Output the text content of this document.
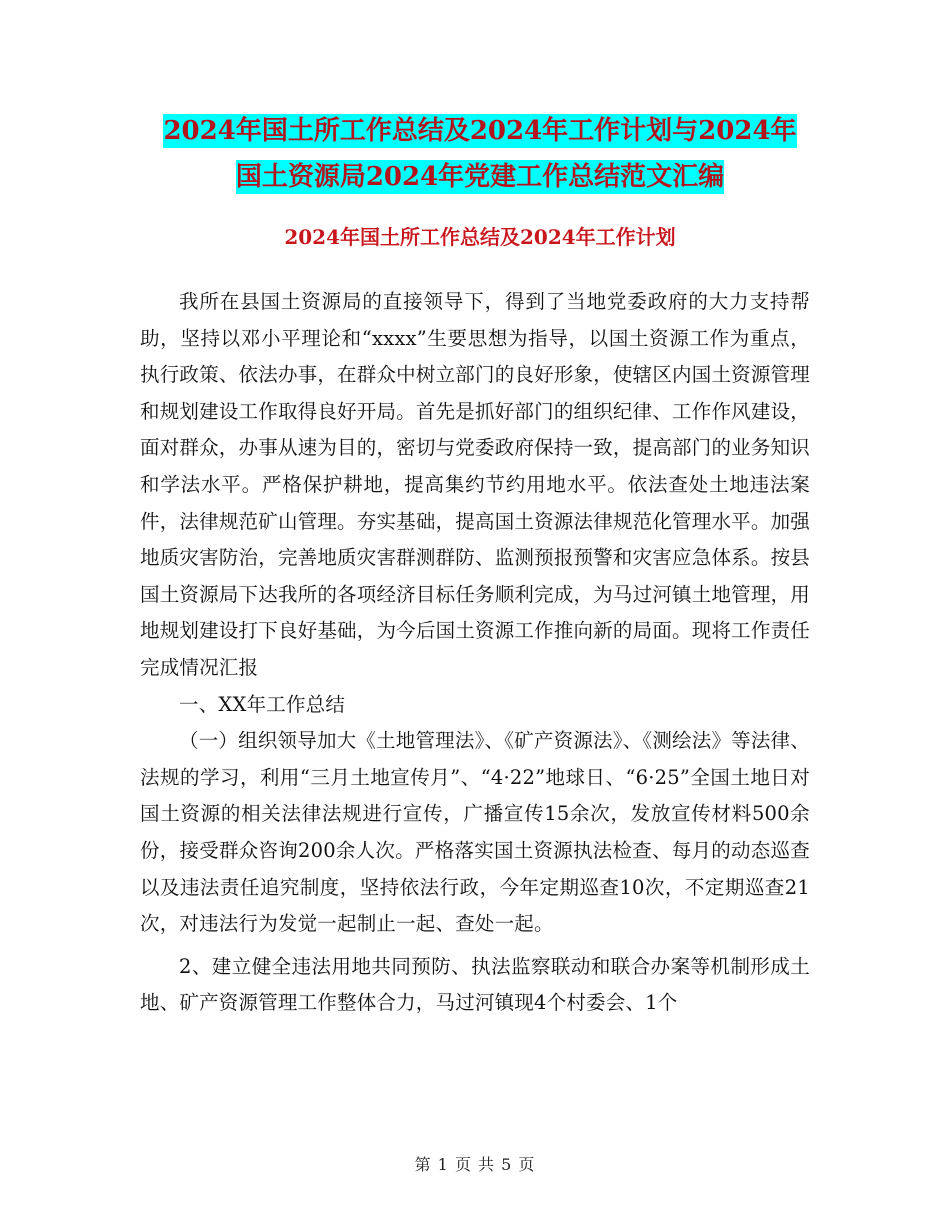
2024年国土所工作总结及2024年工作计划与2024年
国土资源局2024年党建工作总结范文汇编
2024年国土所工作总结及2024年工作计划

我所在县国土资源局的直接领导下，得到了当地党委政府的大力支持帮助，坚持以邓小平理论和“xxxx”生要思想为指导，以国土资源工作为重点，执行政策、依法办事，在群众中树立部门的良好形象，使辖区内国土资源管理和规划建设工作取得良好开局。首先是抓好部门的组织纪律、工作作风建设，面对群众，办事从速为目的，密切与党委政府保持一致，提高部门的业务知识和学法水平。严格保护耕地，提高集约节约用地水平。依法查处土地违法案件，法律规范矿山管理。夯实基础，提高国土资源法律规范化管理水平。加强地质灾害防治，完善地质灾害群测群防、监测预报预警和灾害应急体系。按县国土资源局下达我所的各项经济目标任务顺利完成，为马过河镇土地管理，用地规划建设打下良好基础，为今后国土资源工作推向新的局面。现将工作责任完成情况汇报

一、XX年工作总结

（一）组织领导加大《土地管理法》、《矿产资源法》、《测绘法》等法律、法规的学习，利用“三月土地宣传月”、“4·22”地球日、“6·25”全国土地日对国土资源的相关法律法规进行宣传，广播宣传15余次，发放宣传材料500余份，接受群众咨询200余人次。严格落实国土资源执法检查、每月的动态巡查以及违法责任追究制度，坚持依法行政，今年定期巡查10次，不定期巡查21次，对违法行为发觉一起制止一起、查处一起。

2、建立健全违法用地共同预防、执法监察联动和联合办案等机制形成土地、矿产资源管理工作整体合力，马过河镇现4个村委会、1个

第 1 页 共 5 页
